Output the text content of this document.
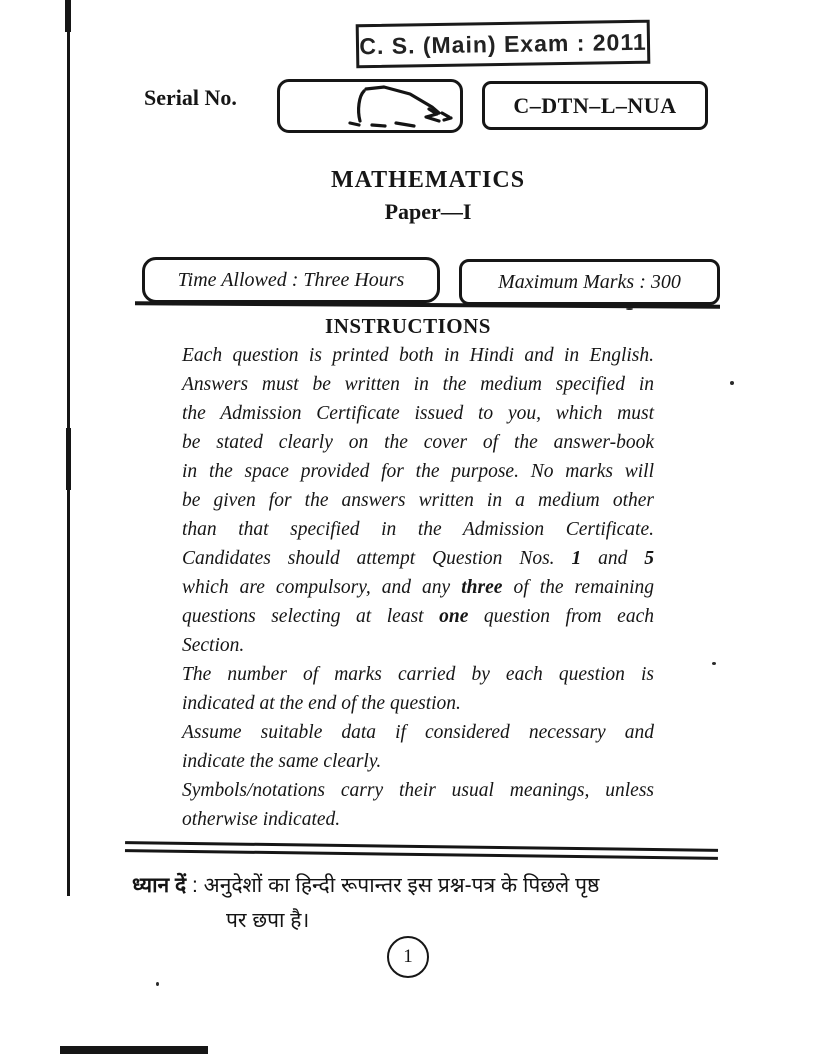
C. S. (Main) Exam : 2011
Serial No.	C–DTN–L–NUA
MATHEMATICS
Paper—I
Time Allowed : Three Hours	Maximum Marks : 300
INSTRUCTIONS
Each question is printed both in Hindi and in English.
Answers must be written in the medium specified in
the Admission Certificate issued to you, which must
be stated clearly on the cover of the answer-book
in the space provided for the purpose. No marks will
be given for the answers written in a medium other
than that specified in the Admission Certificate.
Candidates should attempt Question Nos. 1 and 5
which are compulsory, and any three of the remaining
questions selecting at least one question from each
Section.
The number of marks carried by each question is
indicated at the end of the question.
Assume suitable data if considered necessary and
indicate the same clearly.
Symbols/notations carry their usual meanings, unless
otherwise indicated.
ध्यान दें : अनुदेशों का हिन्दी रूपान्तर इस प्रश्न-पत्र के पिछले पृष्ठ
पर छपा है।
1
